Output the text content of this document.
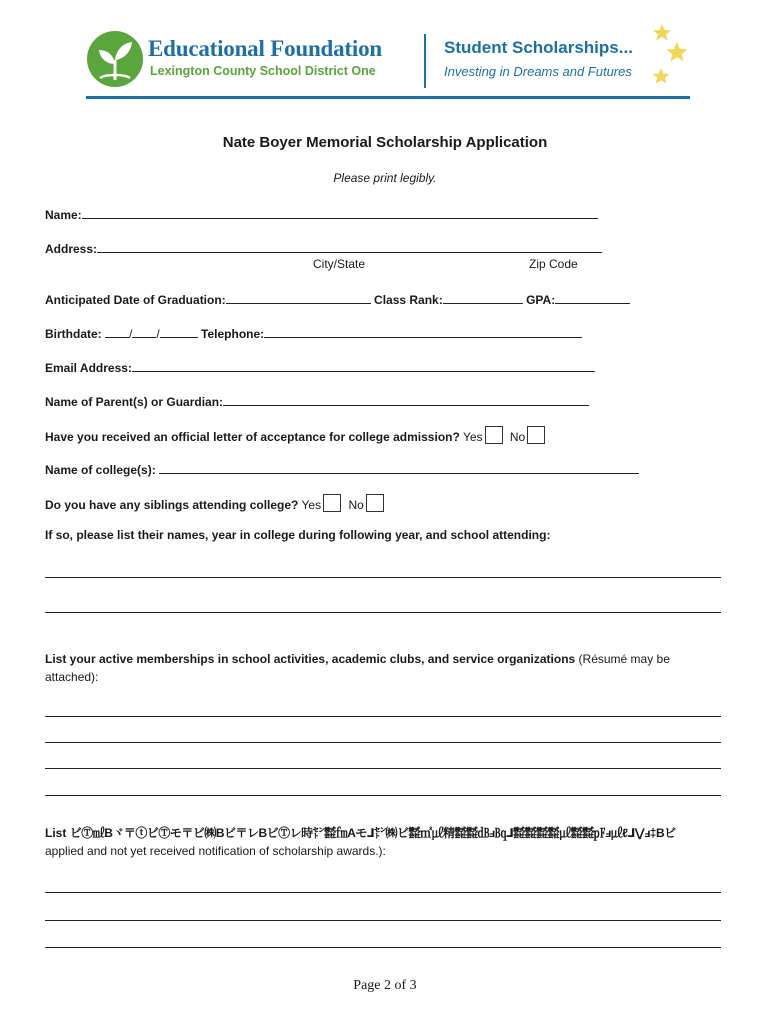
Educational Foundation
Lexington County School District One
Student Scholarships...
Investing in Dreams and Futures
Nate Boyer Memorial Scholarship Application
Please print legibly.
Name:
Address:
City/State	Zip Code
Anticipated Date of Graduation:	Class Rank:	GPA:
Birthdate: / /	Telephone:
Email Address:
Name of Parent(s) or Guardian:
Have you received an official letter of acceptance for college admission? Yes No
Name of college(s):
Do you have any siblings attending college? Yes No
If so, please list their names, year in college during following year, and school attending:
List your active memberships in school activities, academic clubs, and service organizations (Résumé may be attached):
List ビⓉ㎖Bヾ〒ⓣビⓉモ〒ビ㈱Bビ〒レBビⓉレ時㌣㍿㎙Aモ⅃㌣㈱ビ㍿㎥㎕精㍿㍿㏈ⅎ㏃⅃㍿㍿㍿㍿㎕㍿㍿㎊ⅎ㎕ℓ⅃⋁ⅎ‡Bビ
applied and not yet received notification of scholarship awards.):
Page 2 of 3
